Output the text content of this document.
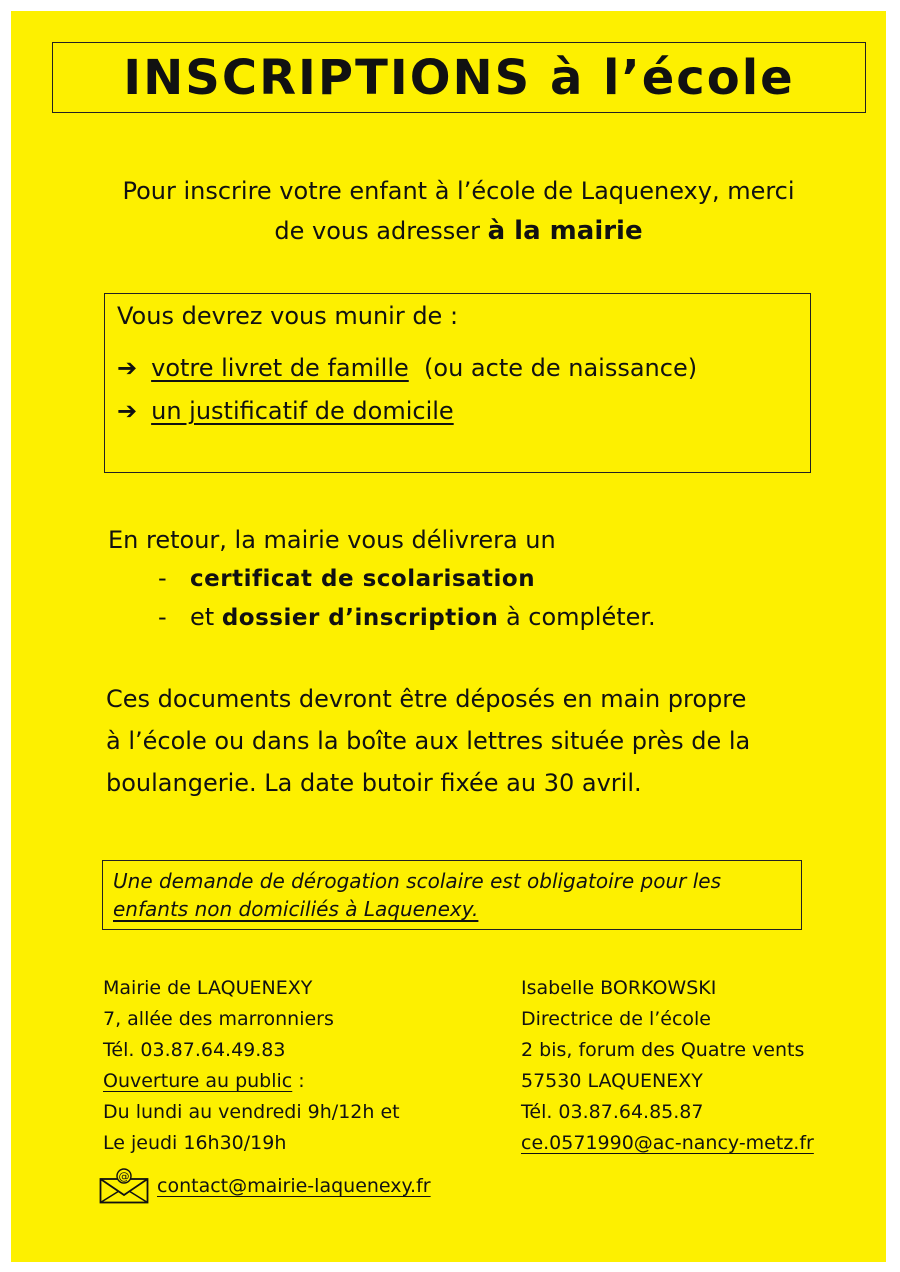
INSCRIPTIONS à l’école
Pour inscrire votre enfant à l’école de Laquenexy, merci
de vous adresser à la mairie
Vous devrez vous munir de :
➔ votre livret de famille (ou acte de naissance)
➔ un justificatif de domicile
En retour, la mairie vous délivrera un
- certificat de scolarisation
- et dossier d’inscription à compléter.
Ces documents devront être déposés en main propre
à l’école ou dans la boîte aux lettres située près de la
boulangerie. La date butoir fixée au 30 avril.
Une demande de dérogation scolaire est obligatoire pour les
enfants non domiciliés à Laquenexy.
Mairie de LAQUENEXY
7, allée des marronniers
Tél. 03.87.64.49.83
Ouverture au public :
Du lundi au vendredi 9h/12h et
Le jeudi 16h30/19h
@ contact@mairie-laquenexy.fr
Isabelle BORKOWSKI
Directrice de l’école
2 bis, forum des Quatre vents
57530 LAQUENEXY
Tél. 03.87.64.85.87
ce.0571990@ac-nancy-metz.fr
